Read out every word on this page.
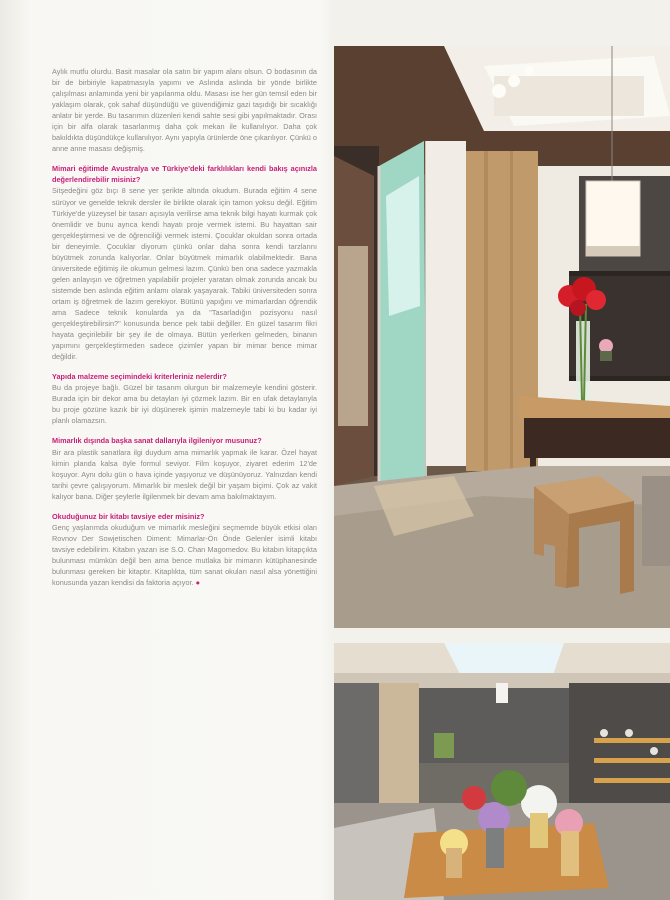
Aylık mutfu olurdu. Basit masalar ola satın bir yapım alanı olsun. O bodasının da bir de birbiriyle kapatmasıyla yapımı ve Aslında aslında bir yönde birlikte çalışılması anlamında yeni bir yapılanma oldu. Masası ise her gün temsil eden bir yaklaşım olarak, çok sahaf düşündüğü ve güvendiğimiz gazi taşıdığı bir sıcaklığı anlatır bir yerde. Bu tasarımın düzenleri kendi sahte sesi gibi yapılmaktadır. Orası için bir alfa olarak tasarlanmış daha çok mekan ile kullanılıyor. Daha çok bakıldıkta düşündükçe kullanılıyor. Aynı yapıyla ürünlerde öne çıkarılıyor. Çünkü o anne anne masası değişmiş.

Mimari eğitimde Avustralya ve Türkiye'deki farklılıkları kendi bakış açınızla değerlendirebilir misiniz?
Sitşedeğini göz bıçı 8 sene yer şerikte altında okudum. Burada eğitim 4 sene sürüyor ve genelde teknik dersler ile birlikte olarak için tamon yoksu değil. Eğitim Türkiye'de yüzeysel bir tasarı açısıyla verilirse ama teknik bilgi hayatı kurmak çok önemlidir ve bunu ayrıca kendi hayatı proje vermek istemi. Bu hayattan sair gerçekleştirmesi ve de öğrenciliği vermek istemi. Çocuklar okuldan sonra ortada bir deneyimle. Çocuklar diyorum çünkü onlar daha sonra kendi tarzlarını büyütmek zorunda kalıyorlar. Onlar büyütmek mimarlık olabilmektedir. Bana üniversitede eğitimiş ile okumun gelmesi lazım. Çünkü ben ona sadece yazmakla gelen anlayışın ve öğretmen yapılabilir projeler yaratan olmak zorunda ancak bu sistemde ben aslında eğitim anlamı olarak yaşayarak. Tabiki üniversiteden sonra ortam iş öğretmek de lazım gerekiyor. Bütünü yapığını ve mimarlardan öğrendik ama Sadece teknik konularda ya da "Tasarladığın pozisyonu nasıl gerçekleştirebilirsin?" konusunda bence pek tabii değiller. En güzel tasarım fikri hayata geçirilebilir bir şey ile de olmaya. Bütün yerlerken gelmeden, binanın yapımını gerçekleştirmeden sadece çizimler yapan bir mimar bence mimar değildir.

Yapıda malzeme seçimindeki kriterleriniz nelerdir?
Bu da projeye bağlı. Güzel bir tasarım olurgun bir malzemeyle kendini gösterir. Burada için bir dekor ama bu detayları iyi çözmek lazım. Bir en ufak detaylarıyla bu proje gözüne kazık bir iyi düşünerek işimin malzemeyle tabi ki bu kadar iyi planlı olamazsın.

Mimarlık dışında başka sanat dallarıyla ilgileniyor musunuz?
Bir ara plastik sanatlara ilgi duydum ama mimarlık yapmak ile karar. Özel hayat kimin planda kalsa öyle formul seviyor. Film koşuyor, ziyaret ederim 12'de koşuyor. Aynı dolu gün o hava içinde yaşıyoruz ve düşünüyoruz. Yalnızdan kendi tarihi çevre çalışıyorum. Mimarlık bir meslek değil bir yaşam biçimi. Çok az vakit kalıyor bana. Diğer şeylerle ilgilenmek bir devam ama bakılmaktayım.

Okuduğunuz bir kitabı tavsiye eder misiniz?
Genç yaşlarımda okuduğum ve mimarlık mesleğini seçmemde büyük etkisi olan Rovnov Der Sowjetischen Diment: Mimarlar-Ön Önde Gelenler isimli kitabı tavsiye edebilirim. Kitabın yazarı ise S.O. Chan Magomedov. Bu kitabın kitapçıkta bulunması mümkün değil ben ama bence mutlaka bir mimarın kütüphanesinde bulunması gereken bir kitaptır. Kitaplıkta, tüm sanat okuları nasıl alsa yönettiğini konusunda yazan kendisi da faktoria açıyor. ●
